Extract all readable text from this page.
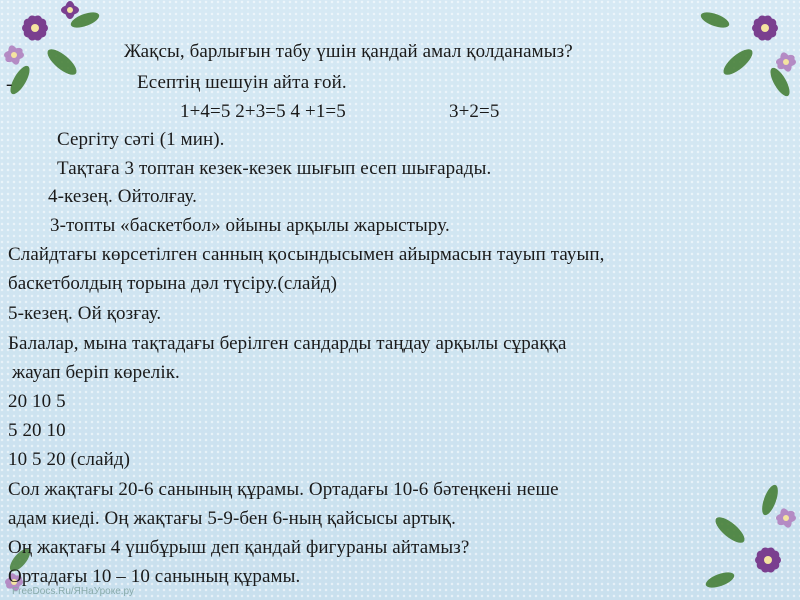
Жақсы, барлығын табу үшін қандай амал қолданамыз?
-	Есептің шешуін айта ғой.
1+4=5 2+3=5 4 +1=5	3+2=5
Сергіту сәті (1 мин).
Тақтаға 3 топтан кезек-кезек шығып есеп шығарады.
4-кезең. Ойтолғау.
3-топты «баскетбол» ойыны арқылы жарыстыру.
Слайдтағы көрсетілген санның қосындысымен айырмасын тауып тауып,
баскетболдың торына дәл түсіру.(слайд)
5-кезең. Ой қозғау.
Балалар, мына тақтадағы берілген сандарды таңдау арқылы сұраққа
жауап беріп көрелік.
20 10 5
5 20 10
10 5 20 (слайд)
Сол жақтағы 20-6 санының құрамы. Ортадағы 10-6 бәтеңкені неше
адам киеді. Оң жақтағы 5-9-бен 6-ның қайсысы артық.
Оң жақтағы 4 үшбұрыш деп қандай фигураны айтамыз?
Ортадағы 10 – 10 санының құрамы.
FreeDocs.Ru/ЯНаУроке.ру
